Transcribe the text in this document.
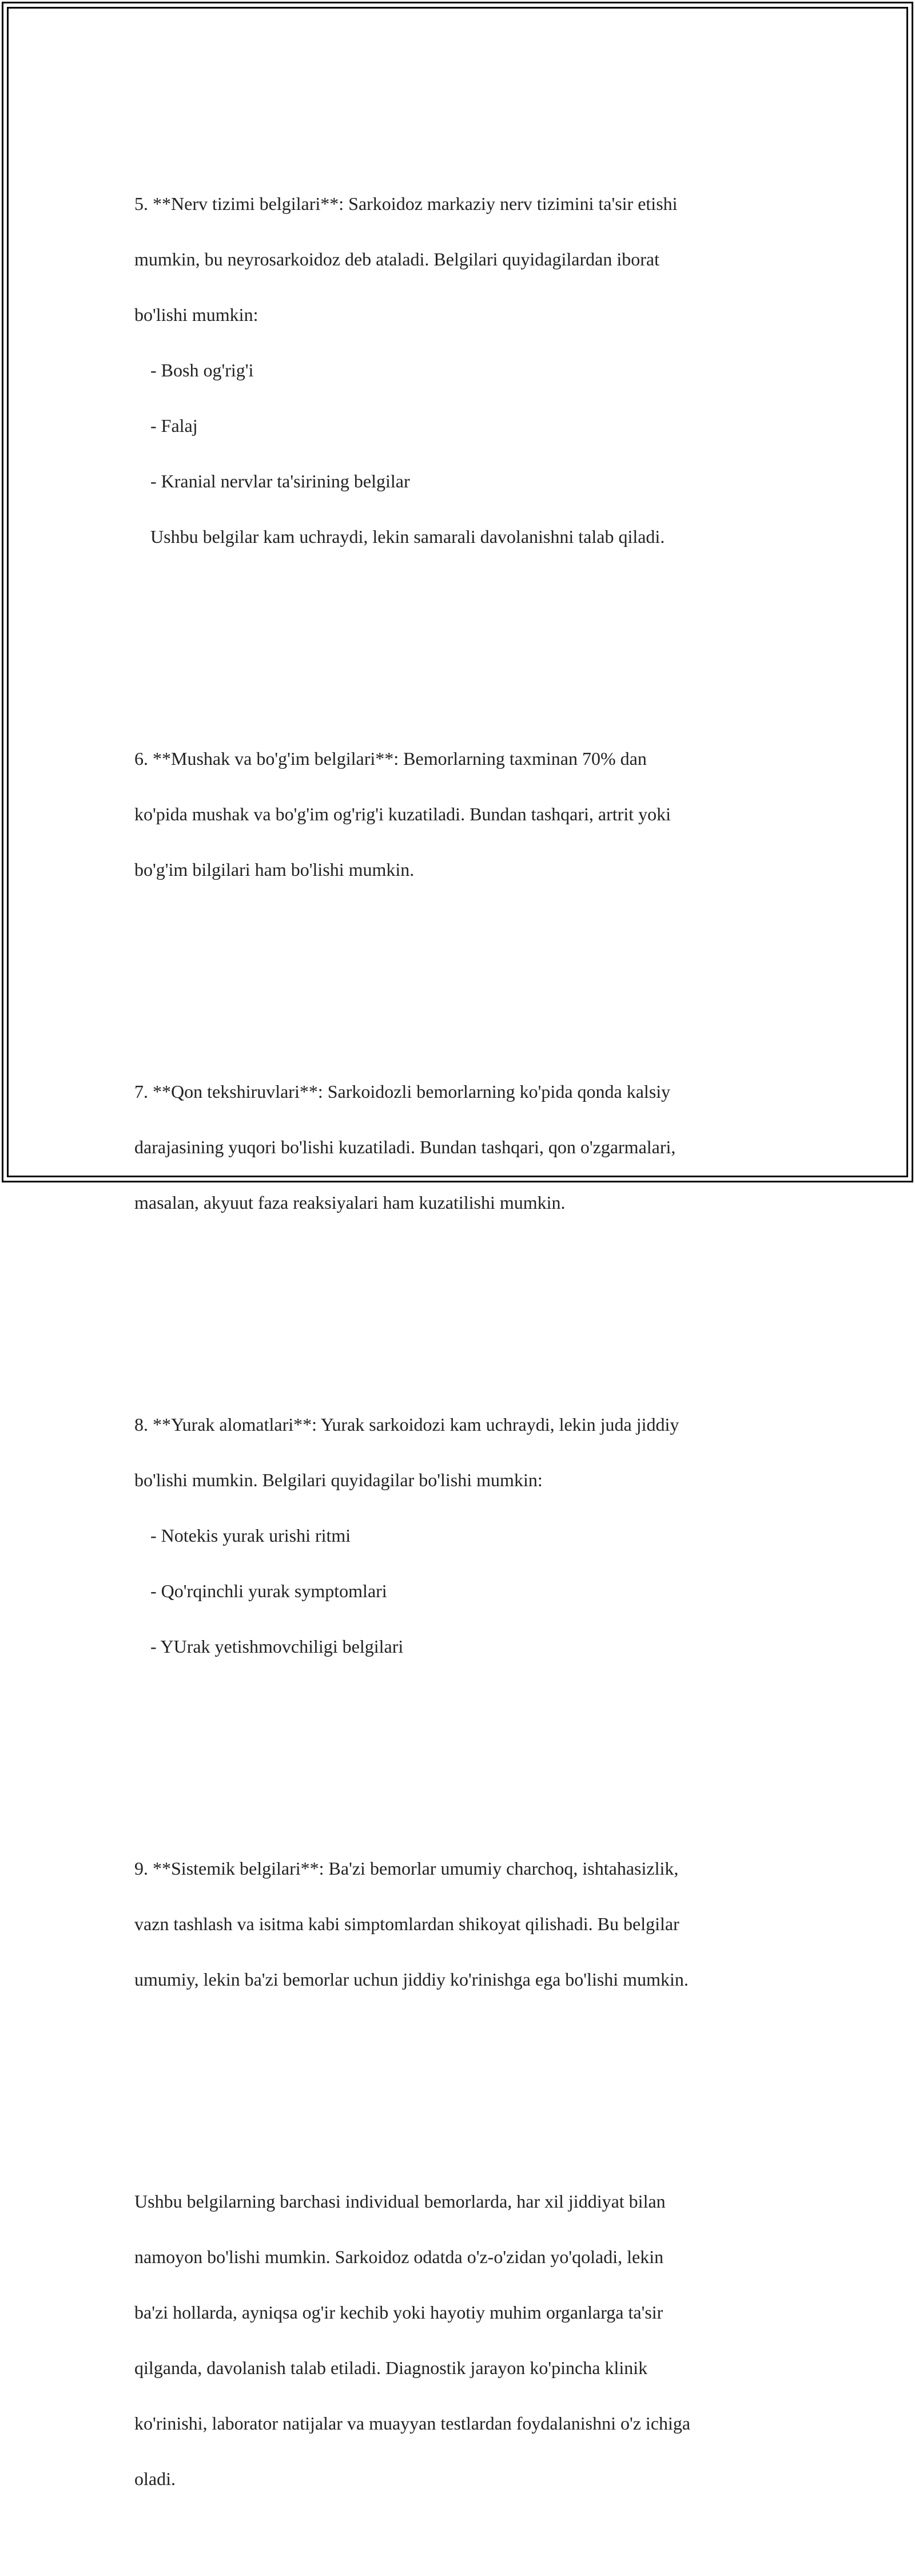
5. **Nerv tizimi belgilari**: Sarkoidoz markaziy nerv tizimini ta'sir etishi

mumkin, bu neyrosarkoidoz deb ataladi. Belgilari quyidagilardan iborat

bo'lishi mumkin:

- Bosh og'rig'i

- Falaj

- Kranial nervlar ta'sirining belgilar

Ushbu belgilar kam uchraydi, lekin samarali davolanishni talab qiladi.

6. **Mushak va bo'g'im belgilari**: Bemorlarning taxminan 70% dan

ko'pida mushak va bo'g'im og'rig'i kuzatiladi. Bundan tashqari, artrit yoki

bo'g'im bilgilari ham bo'lishi mumkin.

7. **Qon tekshiruvlari**: Sarkoidozli bemorlarning ko'pida qonda kalsiy

darajasining yuqori bo'lishi kuzatiladi. Bundan tashqari, qon o'zgarmalari,

masalan, akyuut faza reaksiyalari ham kuzatilishi mumkin.

8. **Yurak alomatlari**: Yurak sarkoidozi kam uchraydi, lekin juda jiddiy

bo'lishi mumkin. Belgilari quyidagilar bo'lishi mumkin:

- Notekis yurak urishi ritmi

- Qo'rqinchli yurak symptomlari

- YUrak yetishmovchiligi belgilari

9. **Sistemik belgilari**: Ba'zi bemorlar umumiy charchoq, ishtahasizlik,

vazn tashlash va isitma kabi simptomlardan shikoyat qilishadi. Bu belgilar

umumiy, lekin ba'zi bemorlar uchun jiddiy ko'rinishga ega bo'lishi mumkin.

Ushbu belgilarning barchasi individual bemorlarda, har xil jiddiyat bilan

namoyon bo'lishi mumkin. Sarkoidoz odatda o'z-o'zidan yo'qoladi, lekin

ba'zi hollarda, ayniqsa og'ir kechib yoki hayotiy muhim organlarga ta'sir

qilganda, davolanish talab etiladi. Diagnostik jarayon ko'pincha klinik

ko'rinishi, laborator natijalar va muayyan testlardan foydalanishni o'z ichiga

oladi.
